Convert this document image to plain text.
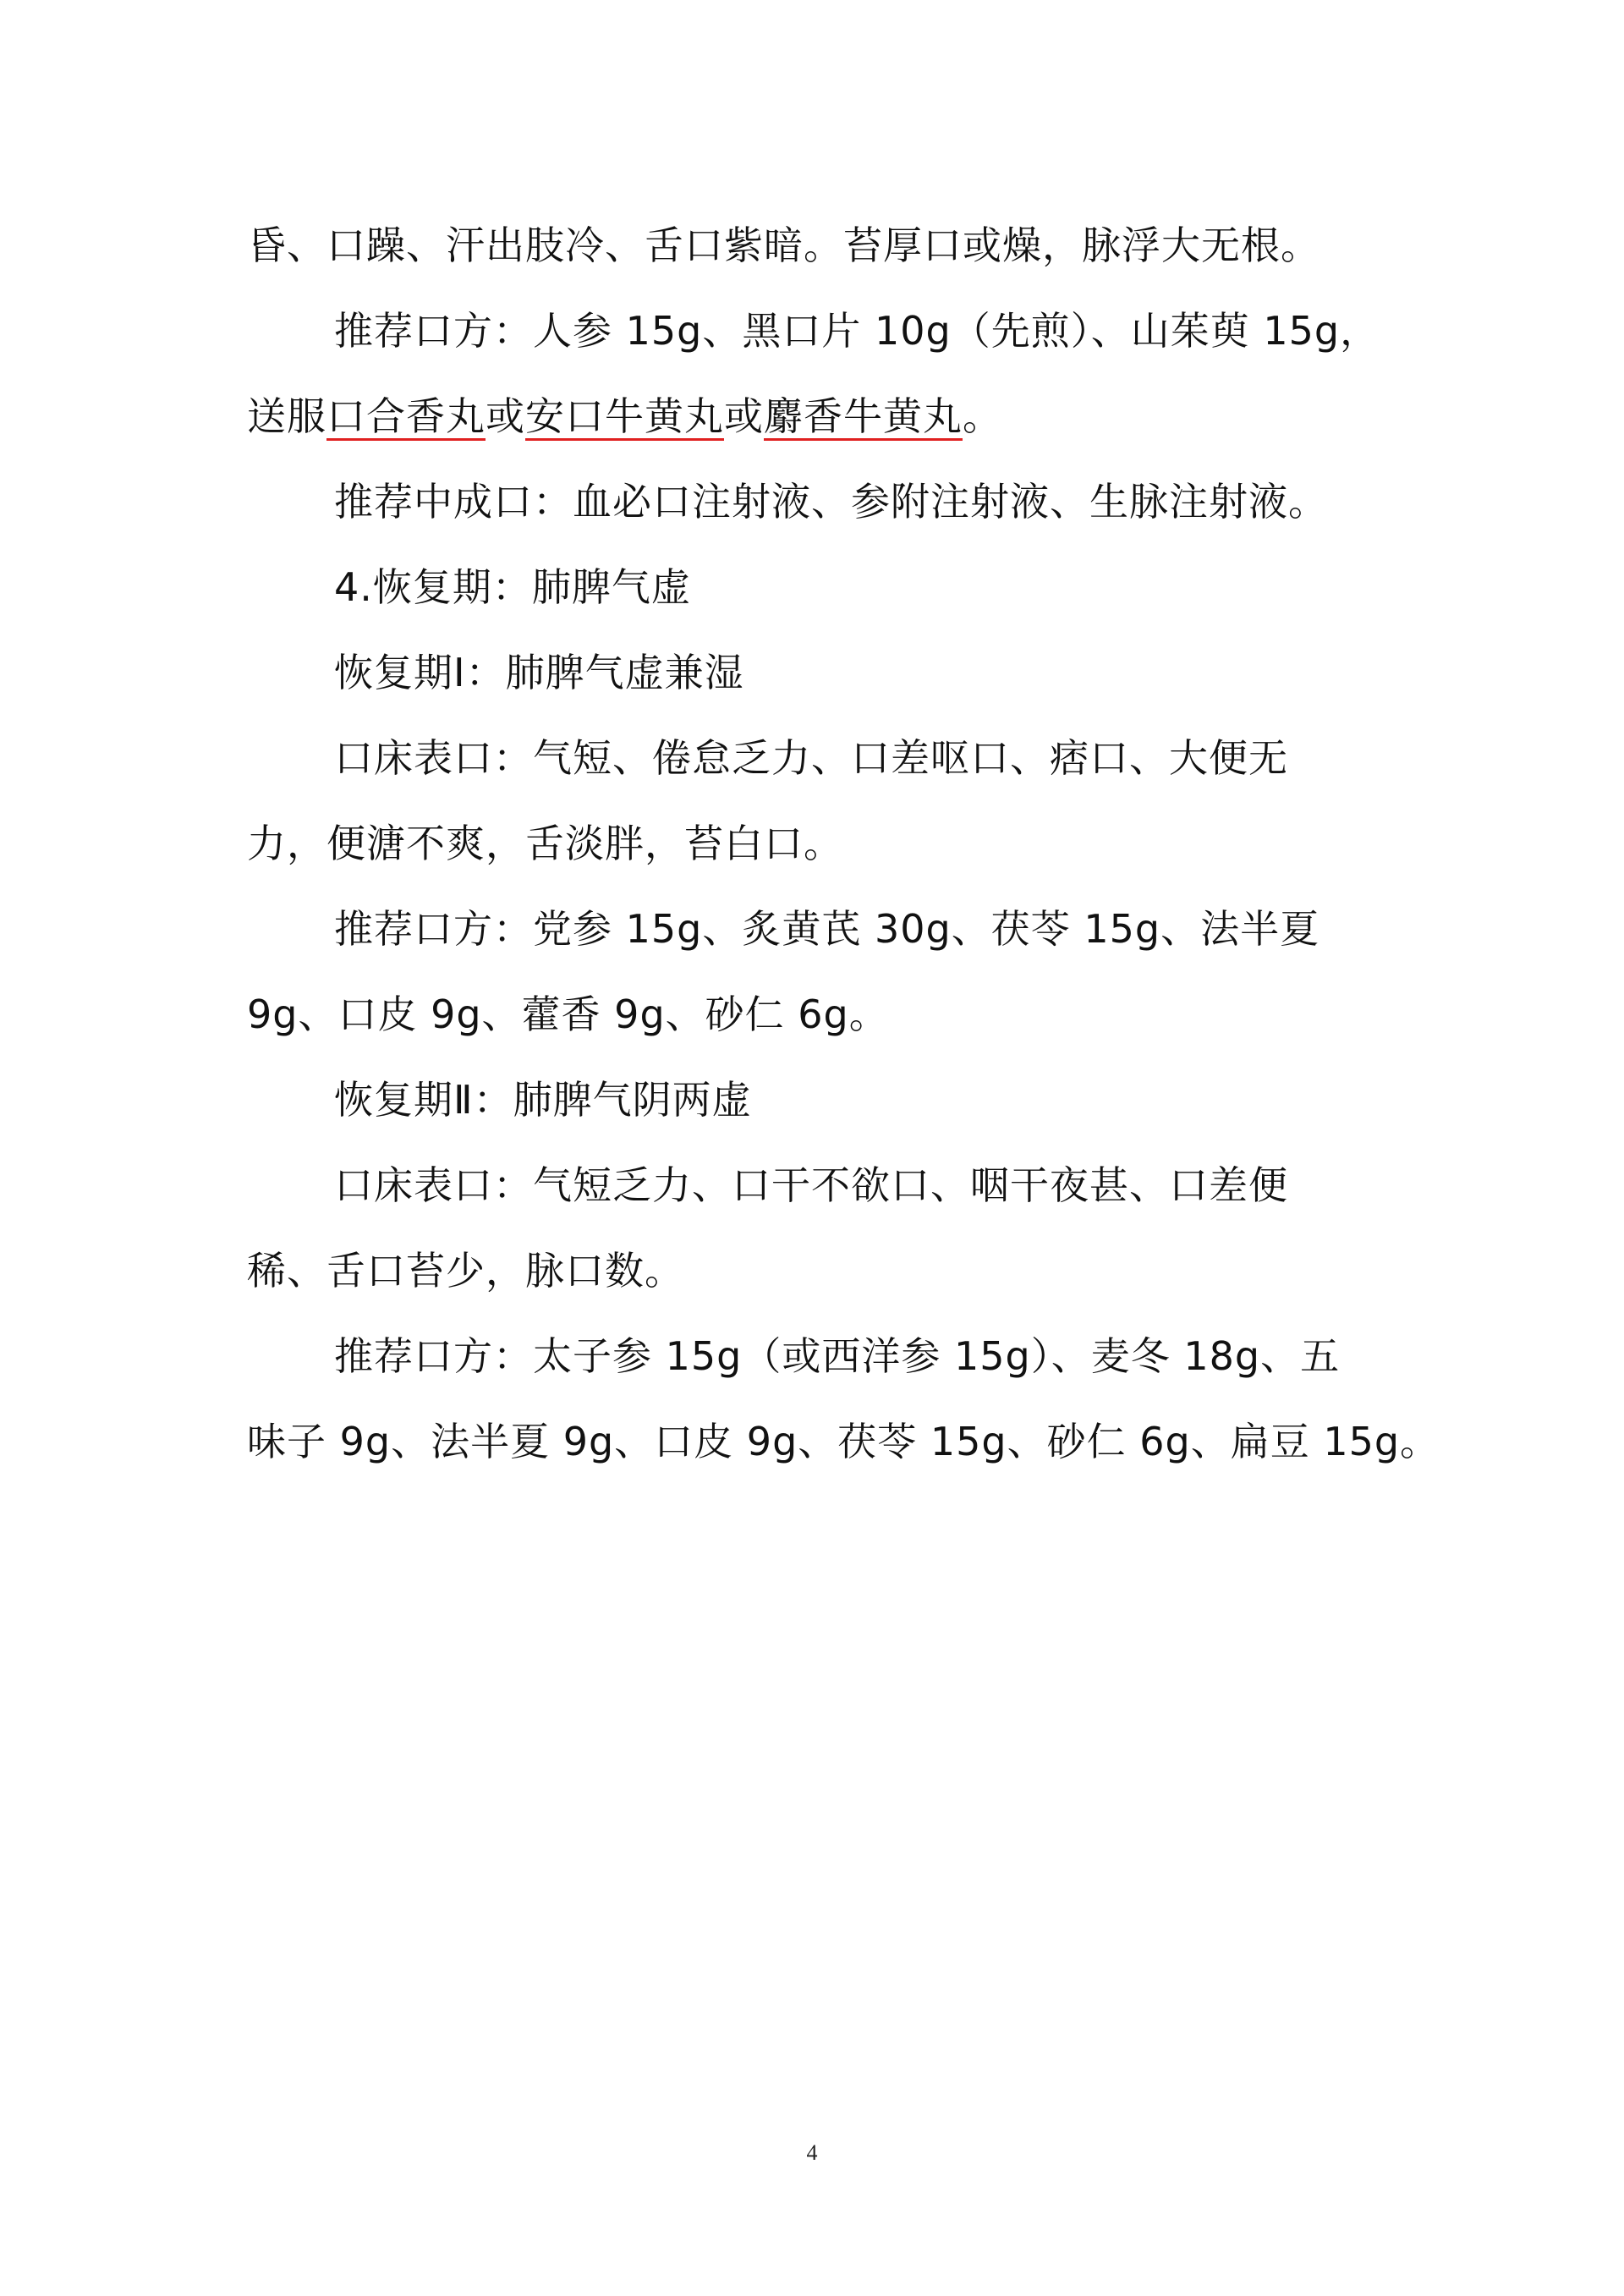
昏、口躁、汗出肢冷、舌口紫暗。苔厚口或燥，脉浮大无根。
推荐口方：人参 15g、黑口片 10g（先煎）、山茱萸 15g，
送服口合香丸或安口牛黄丸或麝香牛黄丸。
推荐中成口：血必口注射液、参附注射液、生脉注射液。
4.恢复期：肺脾气虚
恢复期Ⅰ：肺脾气虚兼湿
口床表口：气短、倦怠乏力、口差呕口、痞口、大便无
力，便溏不爽，舌淡胖，苔白口。
推荐口方：党参 15g、炙黄芪 30g、茯苓 15g、法半夏
9g、口皮 9g、藿香 9g、砂仁 6g。
恢复期Ⅱ：肺脾气阴两虚
口床表口：气短乏力、口干不欲口、咽干夜甚、口差便
稀、舌口苔少，脉口数。
推荐口方：太子参 15g（或西洋参 15g）、麦冬 18g、五
味子 9g、法半夏 9g、口皮 9g、茯苓 15g、砂仁 6g、扁豆 15g。
4
